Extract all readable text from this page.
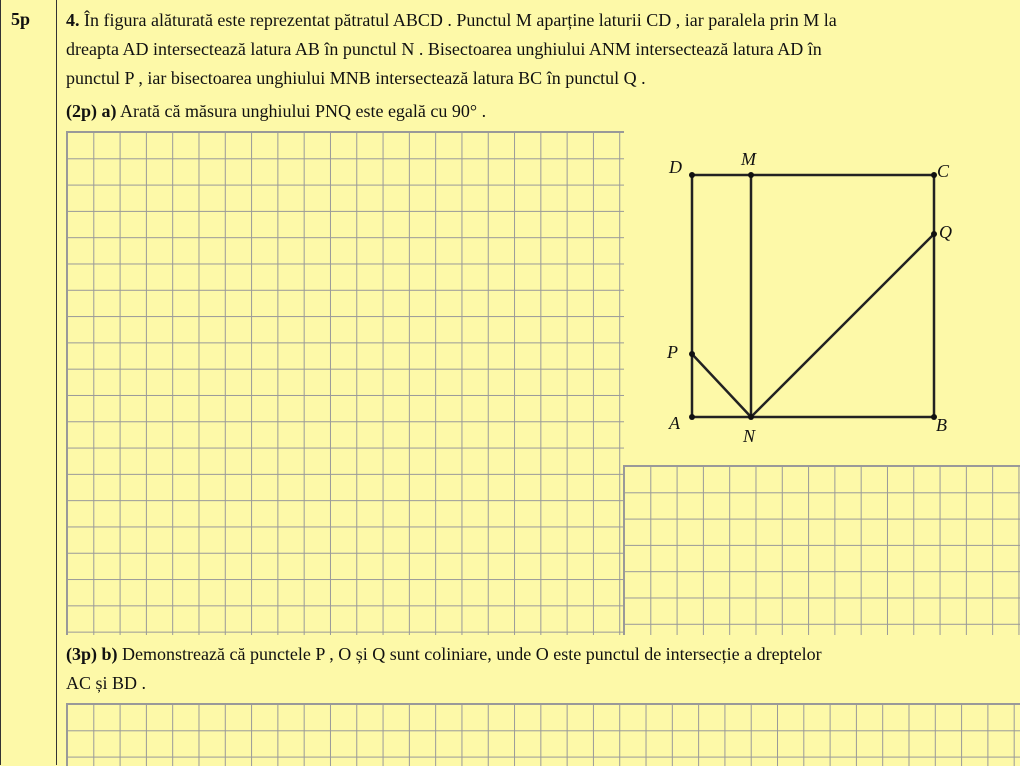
5p 4. În figura alăturată este reprezentat pătratul ABCD . Punctul M aparține laturii CD , iar paralela prin M la
dreapta AD intersectează latura AB în punctul N . Bisectoarea unghiului ANM intersectează latura AD în
punctul P , iar bisectoarea unghiului MNB intersectează latura BC în punctul Q .
(2p) a) Arată că măsura unghiului PNQ este egală cu 90° .
D	M
C
Q
P
A
N
B
(3p) b) Demonstrează că punctele P , O și Q sunt coliniare, unde O este punctul de intersecție a dreptelor
AC și BD .
